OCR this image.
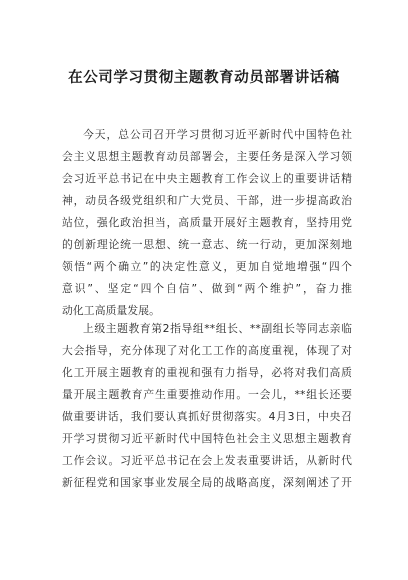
在公司学习贯彻主题教育动员部署讲话稿
今天，总公司召开学习贯彻习近平新时代中国特色社
会主义思想主题教育动员部署会，主要任务是深入学习领
会习近平总书记在中央主题教育工作会议上的重要讲话精
神，动员各级党组织和广大党员、干部，进一步提高政治
站位，强化政治担当，高质量开展好主题教育，坚持用党
的创新理论统一思想、统一意志、统一行动，更加深刻地
领悟“两个确立”的决定性意义，更加自觉地增强“四个
意识”、坚定“四个自信”、做到“两个维护”，奋力推
动化工高质量发展。
上级主题教育第2指导组**组长、**副组长等同志亲临
大会指导，充分体现了对化工工作的高度重视，体现了对
化工开展主题教育的重视和强有力指导，必将对我们高质
量开展主题教育产生重要推动作用。一会儿，**组长还要
做重要讲话，我们要认真抓好贯彻落实。4月3日，中央召
开学习贯彻习近平新时代中国特色社会主义思想主题教育
工作会议。习近平总书记在会上发表重要讲话，从新时代
新征程党和国家事业发展全局的战略高度，深刻阐述了开
